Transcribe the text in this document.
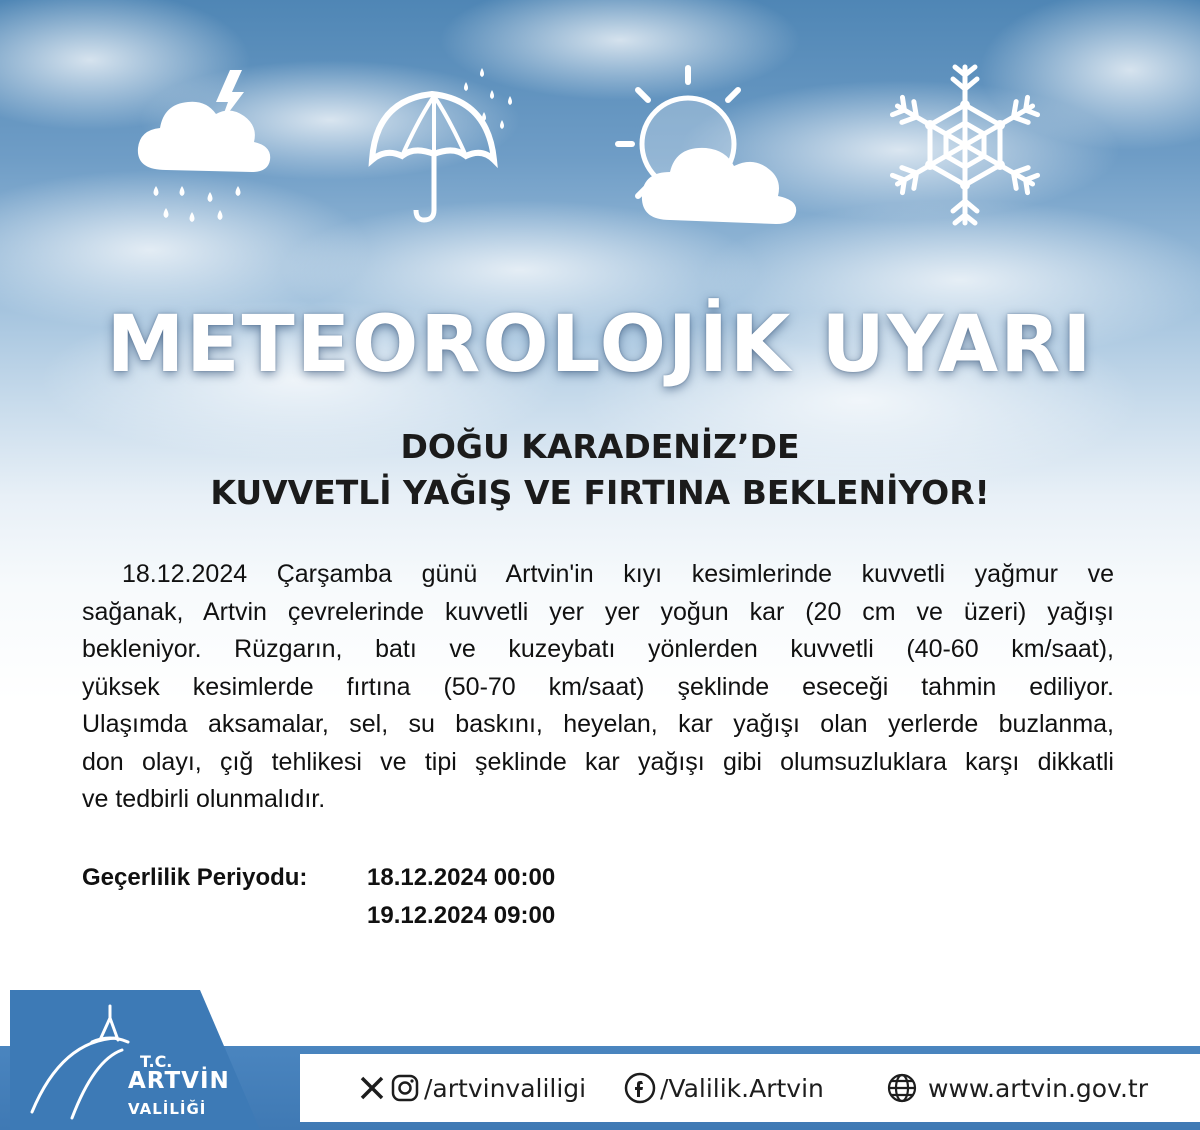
METEOROLOJİK UYARI
DOĞU KARADENİZ’DE
KUVVETLİ YAĞIŞ VE FIRTINA BEKLENİYOR!
18.12.2024 Çarşamba günü Artvin'in kıyı kesimlerinde kuvvetli yağmur ve
sağanak, Artvin çevrelerinde kuvvetli yer yer yoğun kar (20 cm ve üzeri) yağışı
bekleniyor. Rüzgarın, batı ve kuzeybatı yönlerden kuvvetli (40-60 km/saat),
yüksek kesimlerde fırtına (50-70 km/saat) şeklinde eseceği tahmin ediliyor.
Ulaşımda aksamalar, sel, su baskını, heyelan, kar yağışı olan yerlerde buzlanma,
don olayı, çığ tehlikesi ve tipi şeklinde kar yağışı gibi olumsuzluklara karşı dikkatli
ve tedbirli olunmalıdır.
Geçerlilik Periyodu: 18.12.2024 00:00
19.12.2024 09:00
T.C.
ARTVİN
VALİLİĞİ
/artvinvaliligi	/Valilik.Artvin	www.artvin.gov.tr
